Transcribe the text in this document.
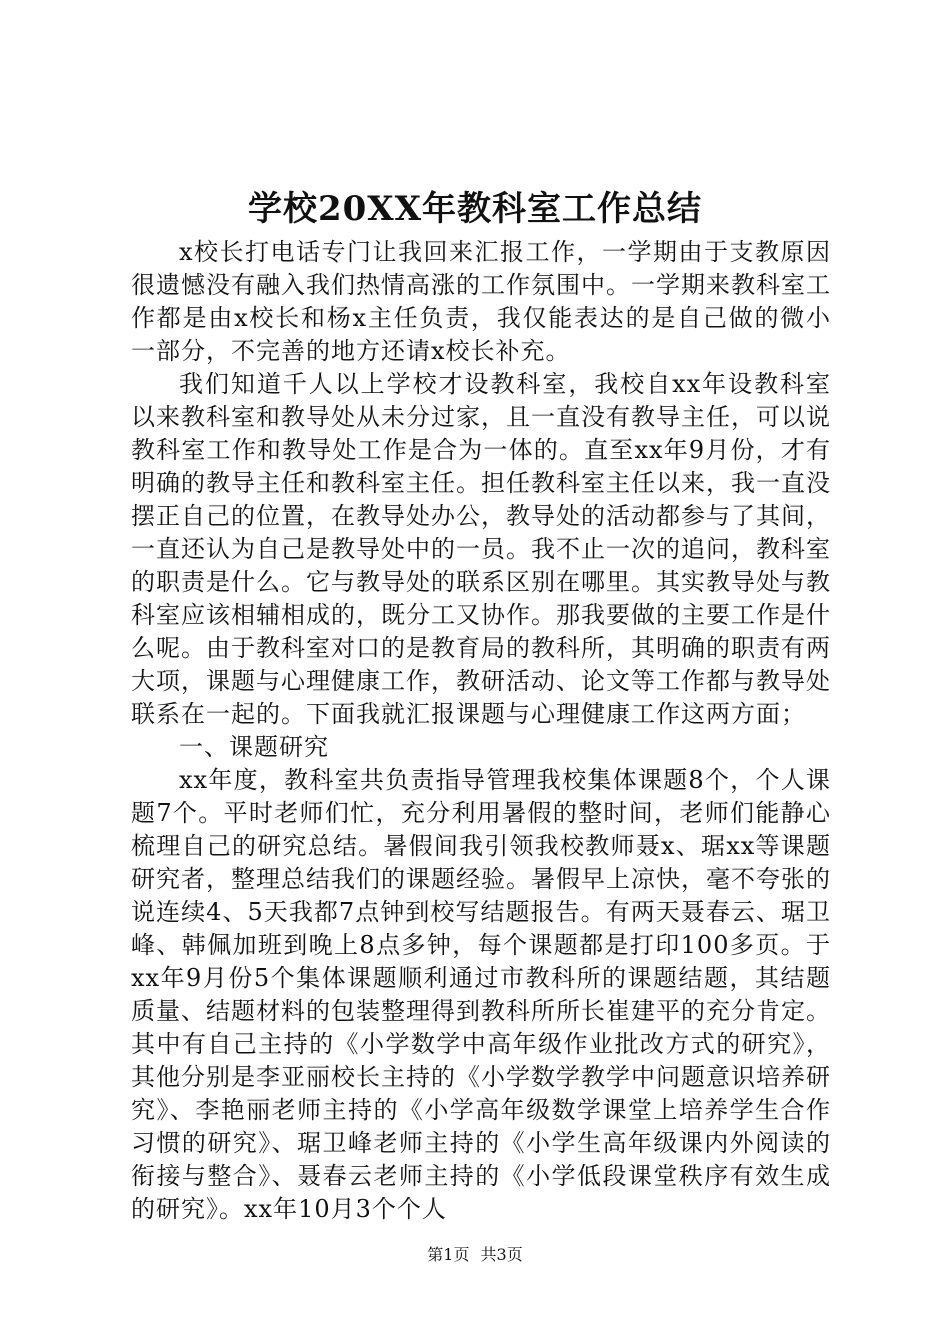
学校20XX年教科室工作总结

x校长打电话专门让我回来汇报工作，一学期由于支教原因很遗憾没有融入我们热情高涨的工作氛围中。一学期来教科室工作都是由x校长和杨x主任负责，我仅能表达的是自己做的微小一部分，不完善的地方还请x校长补充。

我们知道千人以上学校才设教科室，我校自xx年设教科室以来教科室和教导处从未分过家，且一直没有教导主任，可以说教科室工作和教导处工作是合为一体的。直至xx年9月份，才有明确的教导主任和教科室主任。担任教科室主任以来，我一直没摆正自己的位置，在教导处办公，教导处的活动都参与了其间，一直还认为自己是教导处中的一员。我不止一次的追问，教科室的职责是什么。它与教导处的联系区别在哪里。其实教导处与教科室应该相辅相成的，既分工又协作。那我要做的主要工作是什么呢。由于教科室对口的是教育局的教科所，其明确的职责有两大项，课题与心理健康工作，教研活动、论文等工作都与教导处联系在一起的。下面我就汇报课题与心理健康工作这两方面；

一、课题研究

xx年度，教科室共负责指导管理我校集体课题8个，个人课题7个。平时老师们忙，充分利用暑假的整时间，老师们能静心梳理自己的研究总结。暑假间我引领我校教师聂x、琚xx等课题研究者，整理总结我们的课题经验。暑假早上凉快，毫不夸张的说连续4、5天我都7点钟到校写结题报告。有两天聂春云、琚卫峰、韩佩加班到晚上8点多钟，每个课题都是打印100多页。于xx年9月份5个集体课题顺利通过市教科所的课题结题，其结题质量、结题材料的包装整理得到教科所所长崔建平的充分肯定。其中有自己主持的《小学数学中高年级作业批改方式的研究》，其他分别是李亚丽校长主持的《小学数学教学中问题意识培养研究》、李艳丽老师主持的《小学高年级数学课堂上培养学生合作习惯的研究》、琚卫峰老师主持的《小学生高年级课内外阅读的衔接与整合》、聂春云老师主持的《小学低段课堂秩序有效生成的研究》。xx年10月3个个人

第1页 共3页
